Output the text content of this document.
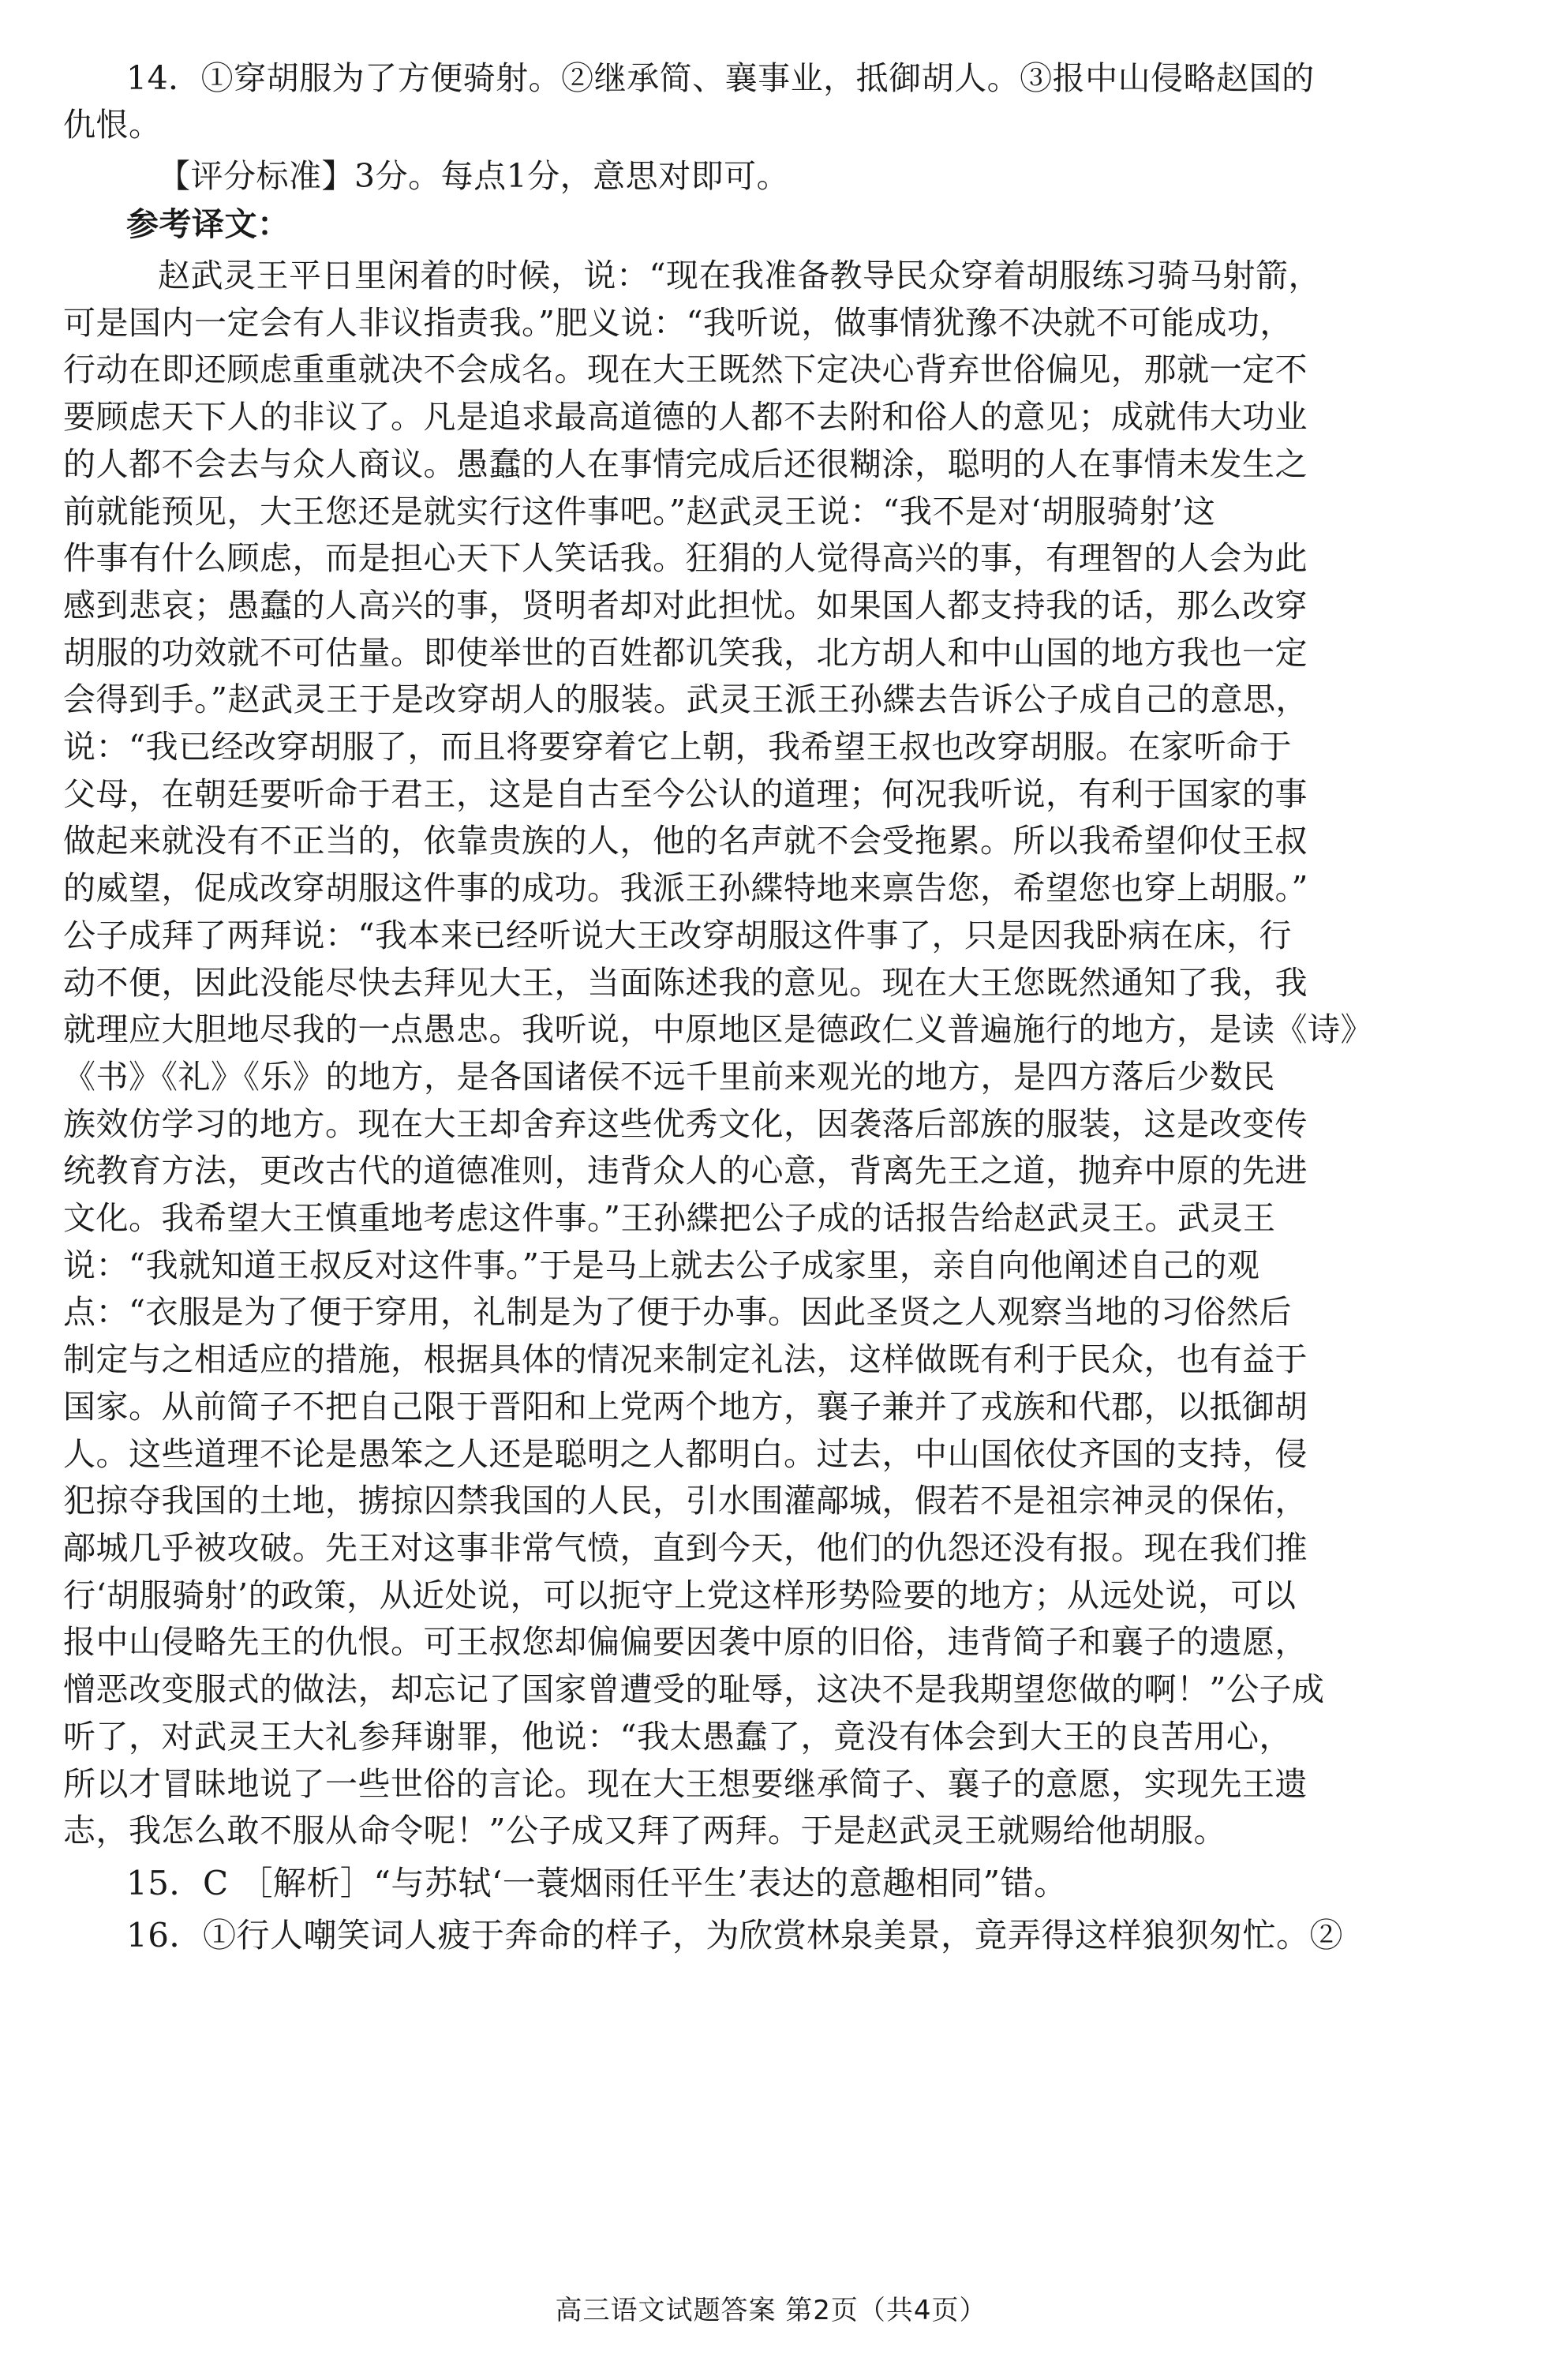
14．①穿胡服为了方便骑射。②继承简、襄事业，抵御胡人。③报中山侵略赵国的
仇恨。
【评分标准】3分。每点1分，意思对即可。
参考译文：
赵武灵王平日里闲着的时候，说：“现在我准备教导民众穿着胡服练习骑马射箭，
可是国内一定会有人非议指责我。”肥义说：“我听说，做事情犹豫不决就不可能成功，
行动在即还顾虑重重就决不会成名。现在大王既然下定决心背弃世俗偏见，那就一定不
要顾虑天下人的非议了。凡是追求最高道德的人都不去附和俗人的意见；成就伟大功业
的人都不会去与众人商议。愚蠢的人在事情完成后还很糊涂，聪明的人在事情未发生之
前就能预见，大王您还是就实行这件事吧。”赵武灵王说：“我不是对‘胡服骑射’这
件事有什么顾虑，而是担心天下人笑话我。狂狷的人觉得高兴的事，有理智的人会为此
感到悲哀；愚蠢的人高兴的事，贤明者却对此担忧。如果国人都支持我的话，那么改穿
胡服的功效就不可估量。即使举世的百姓都讥笑我，北方胡人和中山国的地方我也一定
会得到手。”赵武灵王于是改穿胡人的服装。武灵王派王孙緤去告诉公子成自己的意思，
说：“我已经改穿胡服了，而且将要穿着它上朝，我希望王叔也改穿胡服。在家听命于
父母，在朝廷要听命于君王，这是自古至今公认的道理；何况我听说，有利于国家的事
做起来就没有不正当的，依靠贵族的人，他的名声就不会受拖累。所以我希望仰仗王叔
的威望，促成改穿胡服这件事的成功。我派王孙緤特地来禀告您，希望您也穿上胡服。”
公子成拜了两拜说：“我本来已经听说大王改穿胡服这件事了，只是因我卧病在床，行
动不便，因此没能尽快去拜见大王，当面陈述我的意见。现在大王您既然通知了我，我
就理应大胆地尽我的一点愚忠。我听说，中原地区是德政仁义普遍施行的地方，是读《诗》
《书》《礼》《乐》的地方，是各国诸侯不远千里前来观光的地方，是四方落后少数民
族效仿学习的地方。现在大王却舍弃这些优秀文化，因袭落后部族的服装，这是改变传
统教育方法，更改古代的道德准则，违背众人的心意，背离先王之道，抛弃中原的先进
文化。我希望大王慎重地考虑这件事。”王孙緤把公子成的话报告给赵武灵王。武灵王
说：“我就知道王叔反对这件事。”于是马上就去公子成家里，亲自向他阐述自己的观
点：“衣服是为了便于穿用，礼制是为了便于办事。因此圣贤之人观察当地的习俗然后
制定与之相适应的措施，根据具体的情况来制定礼法，这样做既有利于民众，也有益于
国家。从前简子不把自己限于晋阳和上党两个地方，襄子兼并了戎族和代郡，以抵御胡
人。这些道理不论是愚笨之人还是聪明之人都明白。过去，中山国依仗齐国的支持，侵
犯掠夺我国的土地，掳掠囚禁我国的人民，引水围灌鄗城，假若不是祖宗神灵的保佑，
鄗城几乎被攻破。先王对这事非常气愤，直到今天，他们的仇怨还没有报。现在我们推
行‘胡服骑射’的政策，从近处说，可以扼守上党这样形势险要的地方；从远处说，可以
报中山侵略先王的仇恨。可王叔您却偏偏要因袭中原的旧俗，违背简子和襄子的遗愿，
憎恶改变服式的做法，却忘记了国家曾遭受的耻辱，这决不是我期望您做的啊！”公子成
听了，对武灵王大礼参拜谢罪，他说：“我太愚蠢了，竟没有体会到大王的良苦用心，
所以才冒昧地说了一些世俗的言论。现在大王想要继承简子、襄子的意愿，实现先王遗
志，我怎么敢不服从命令呢！”公子成又拜了两拜。于是赵武灵王就赐给他胡服。
15．C ［解析］“与苏轼‘一蓑烟雨任平生’表达的意趣相同”错。
16．①行人嘲笑词人疲于奔命的样子，为欣赏林泉美景，竟弄得这样狼狈匆忙。②
高三语文试题答案 第2页（共4页）
